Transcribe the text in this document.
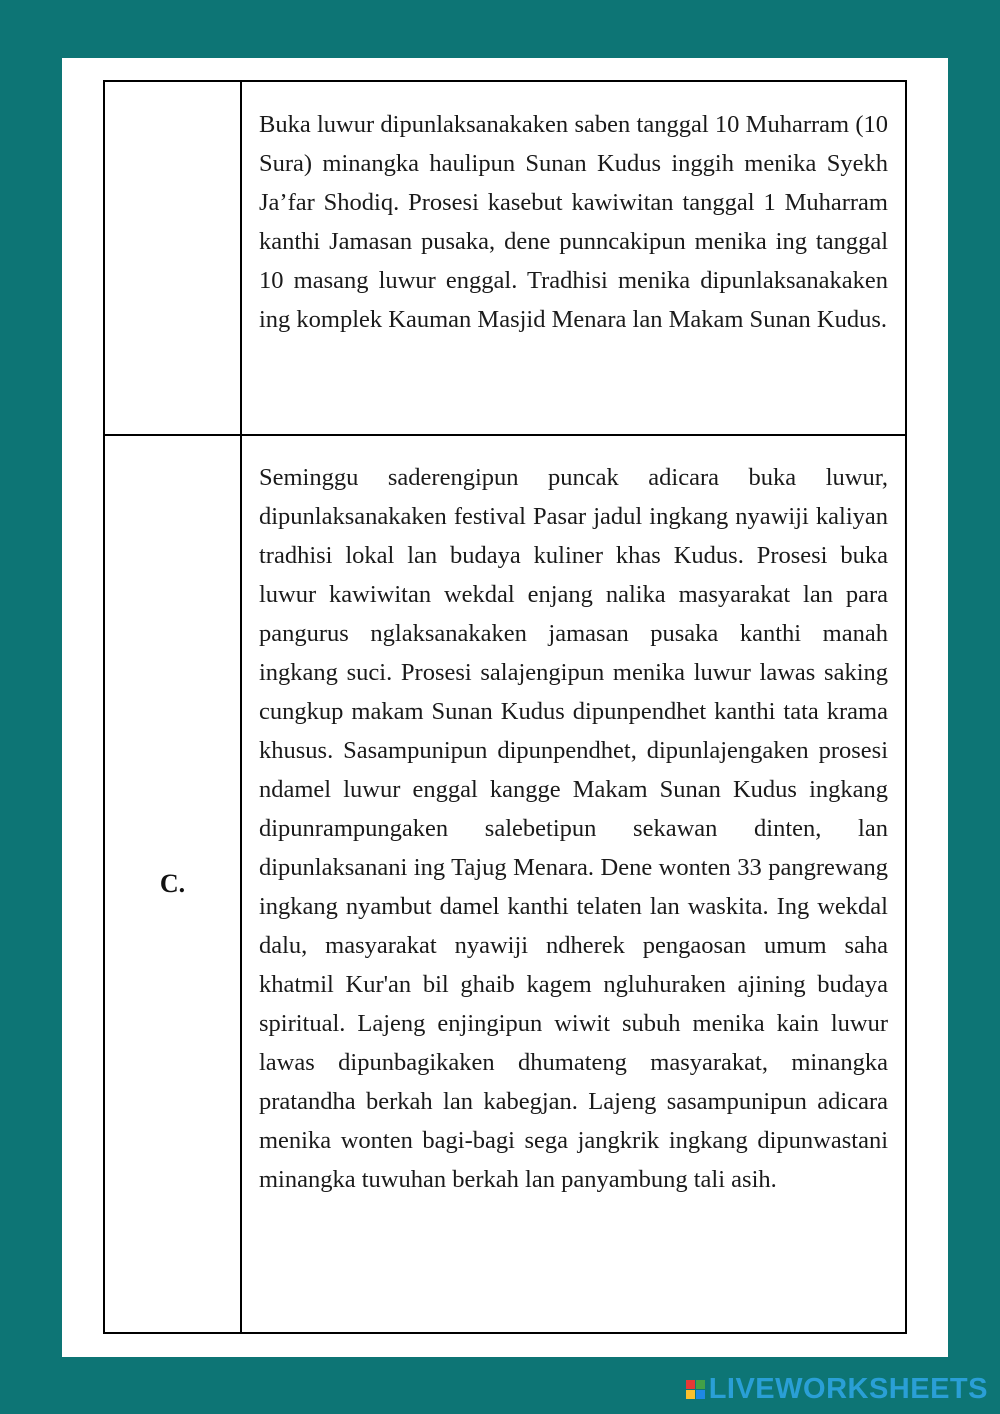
Buka luwur dipunlaksanakaken saben tanggal 10 Muharram (10 Sura) minangka haulipun Sunan Kudus inggih menika Syekh Ja’far Shodiq. Prosesi kasebut kawiwitan tanggal 1 Muharram kanthi Jamasan pusaka, dene punncakipun menika ing tanggal 10 masang luwur enggal. Tradhisi menika dipunlaksanakaken ing komplek Kauman Masjid Menara lan Makam Sunan Kudus.
C.
Seminggu saderengipun puncak adicara buka luwur, dipunlaksanakaken festival Pasar jadul ingkang nyawiji kaliyan tradhisi lokal lan budaya kuliner khas Kudus. Prosesi buka luwur kawiwitan wekdal enjang nalika masyarakat lan para pangurus nglaksanakaken jamasan pusaka kanthi manah ingkang suci. Prosesi salajengipun menika luwur lawas saking cungkup makam Sunan Kudus dipunpendhet kanthi tata krama khusus. Sasampunipun dipunpendhet, dipunlajengaken prosesi ndamel luwur enggal kangge Makam Sunan Kudus ingkang dipunrampungaken salebetipun sekawan dinten, lan dipunlaksanani ing Tajug Menara. Dene wonten 33 pangrewang ingkang nyambut damel kanthi telaten lan waskita. Ing wekdal dalu, masyarakat nyawiji ndherek pengaosan umum saha khatmil Kur'an bil ghaib kagem ngluhuraken ajining budaya spiritual. Lajeng enjingipun wiwit subuh menika kain luwur lawas dipunbagikaken dhumateng masyarakat, minangka pratandha berkah lan kabegjan. Lajeng sasampunipun adicara menika wonten bagi-bagi sega jangkrik ingkang dipunwastani minangka tuwuhan berkah lan panyambung tali asih.
LIVEWORKSHEETS
